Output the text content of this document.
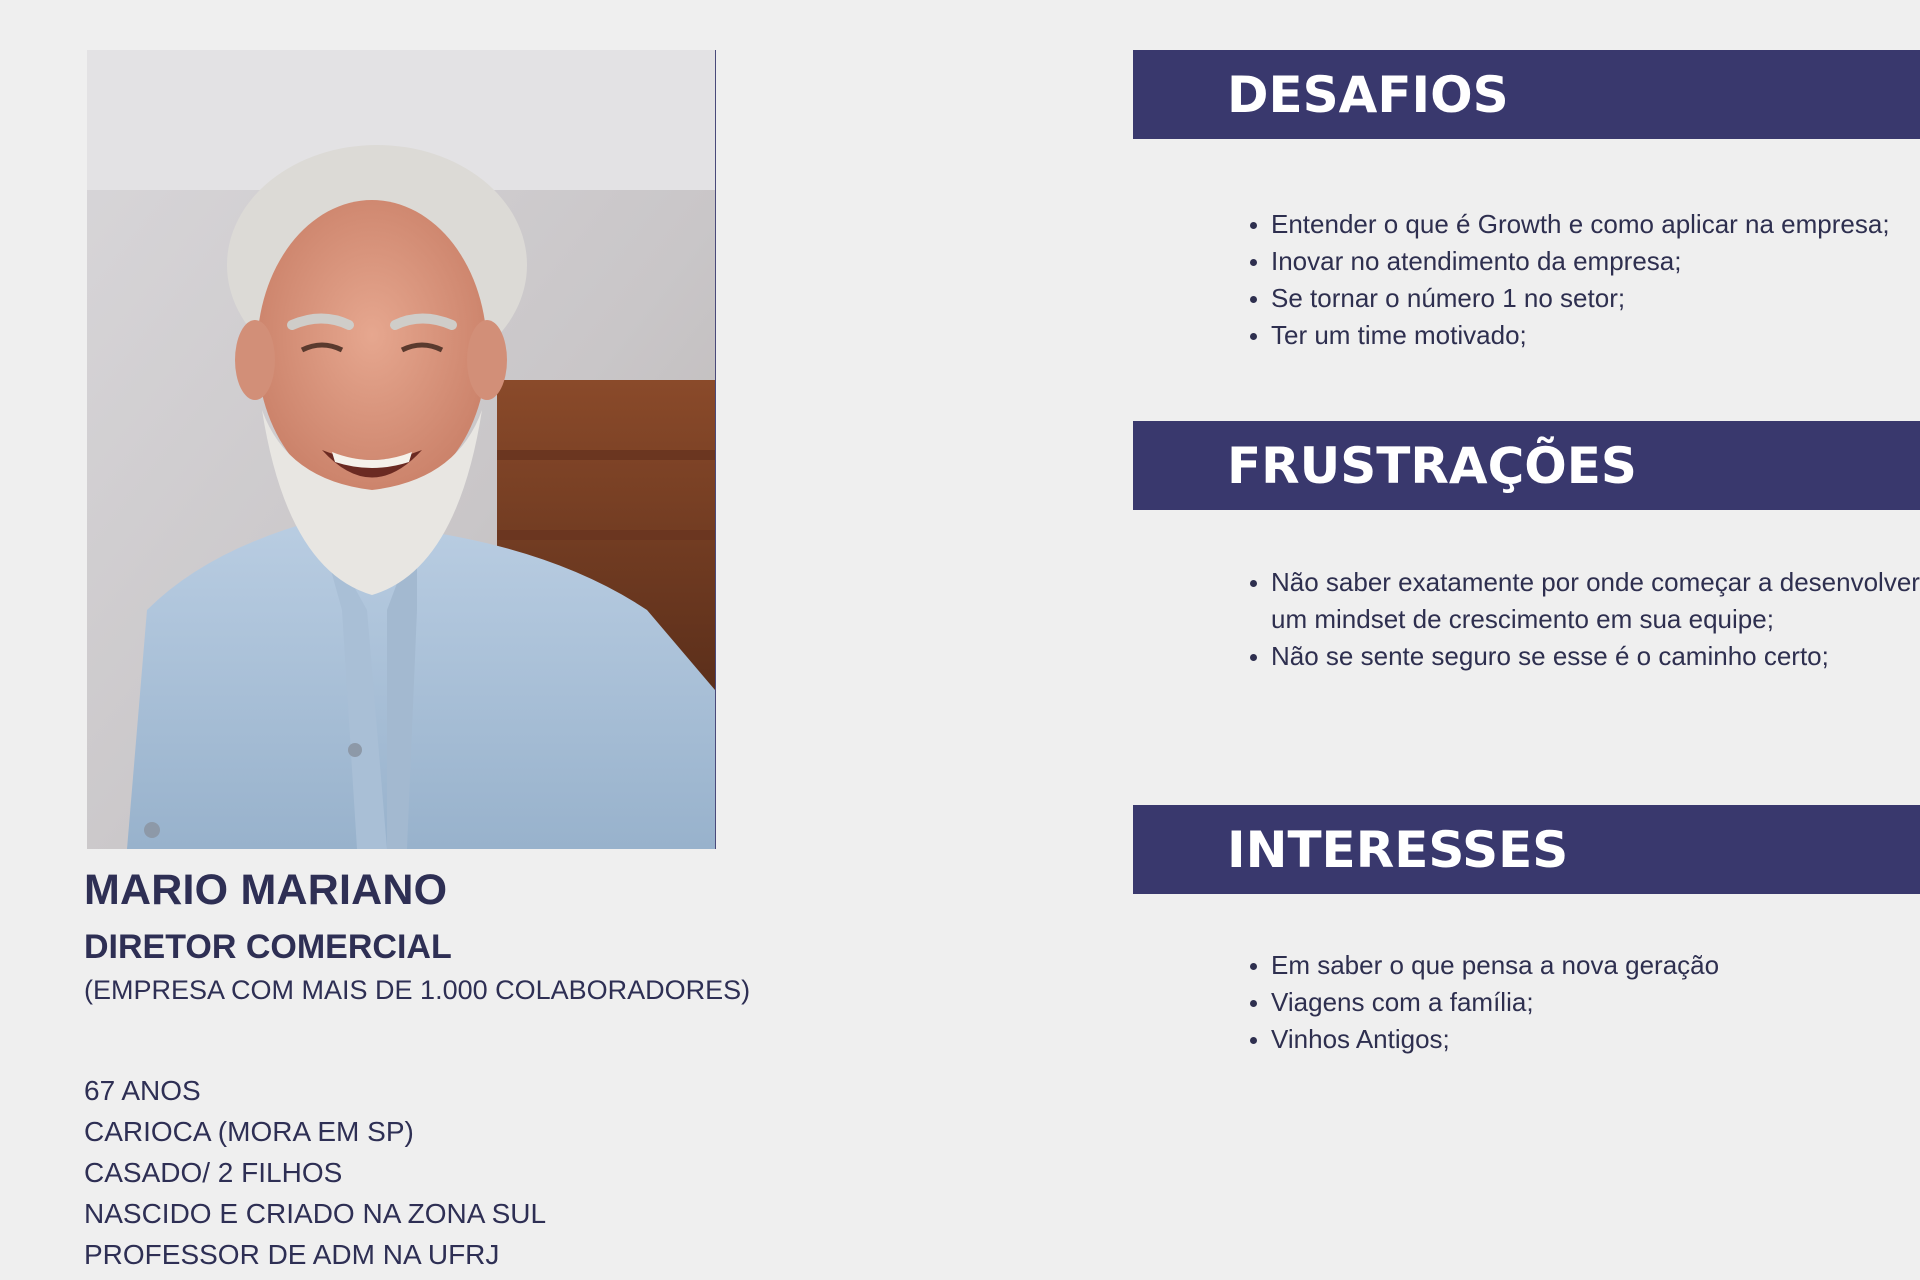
MARIO MARIANO
DIRETOR COMERCIAL
(EMPRESA COM MAIS DE 1.000 COLABORADORES)
67 ANOS
CARIOCA (MORA EM SP)
CASADO/ 2 FILHOS
NASCIDO E CRIADO NA ZONA SUL
PROFESSOR DE ADM NA UFRJ
DESAFIOS
Entender o que é Growth e como aplicar na empresa;
Inovar no atendimento da empresa;
Se tornar o número 1 no setor;
Ter um time motivado;
FRUSTRAÇÕES
Não saber exatamente por onde começar a desenvolver um mindset de crescimento em sua equipe;
Não se sente seguro se esse é o caminho certo;
INTERESSES
Em saber o que pensa a nova geração
Viagens com a família;
Vinhos Antigos;
